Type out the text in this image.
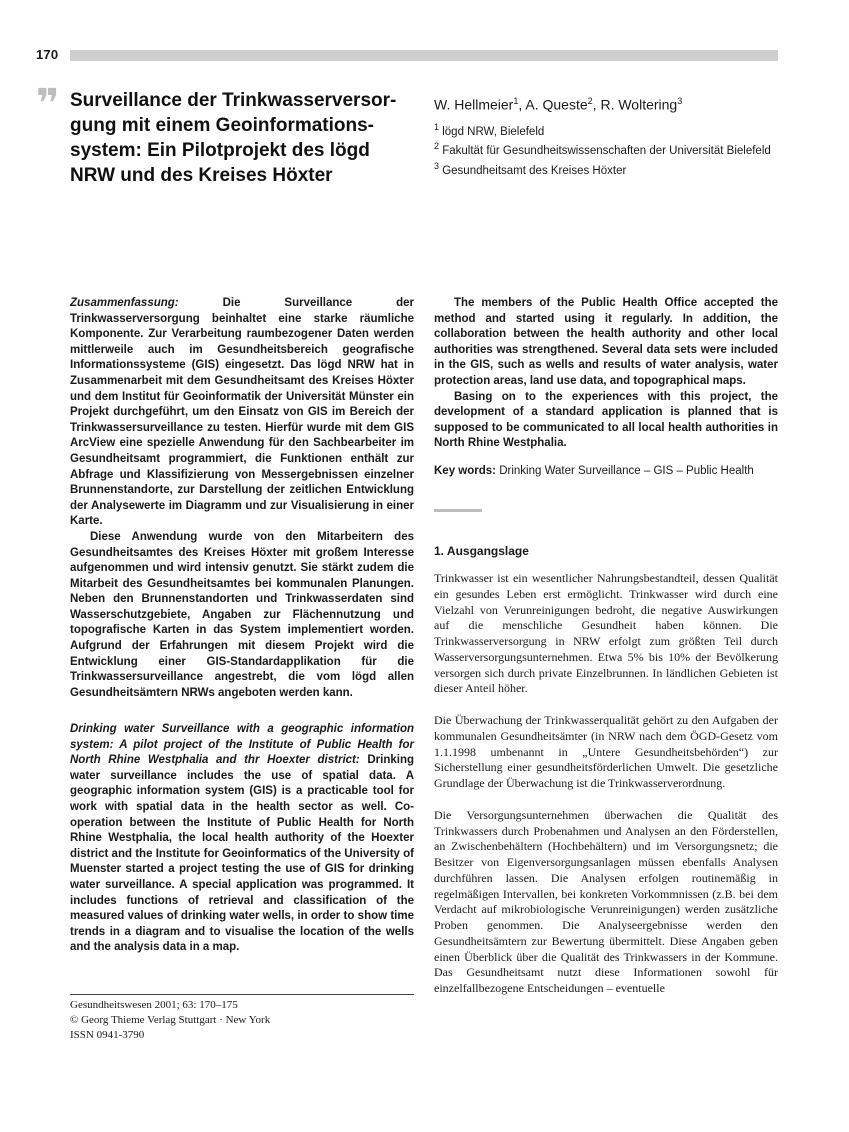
170
❞ Surveillance der Trinkwasserversor-
gung mit einem Geoinformations-
system: Ein Pilotprojekt des lögd
NRW und des Kreises Höxter
W. Hellmeier$^1$, A. Queste$^2$, R. Woltering$^3$
$^1$ lögd NRW, Bielefeld
$^2$ Fakultät für Gesundheitswissenschaften der Universität Bielefeld
$^3$ Gesundheitsamt des Kreises Höxter

Zusammenfassung: Die Surveillance der Trinkwasserversorgung beinhaltet eine starke räumliche Komponente. Zur Verarbeitung raumbezogener Daten werden mittlerweile auch im Gesundheitsbereich geografische Informationssysteme (GIS) eingesetzt. Das lögd NRW hat in Zusammenarbeit mit dem Gesundheitsamt des Kreises Höxter und dem Institut für Geoinformatik der Universität Münster ein Projekt durchgeführt, um den Einsatz von GIS im Bereich der Trinkwassersurveillance zu testen. Hierfür wurde mit dem GIS ArcView eine spezielle Anwendung für den Sachbearbeiter im Gesundheitsamt programmiert, die Funktionen enthält zur Abfrage und Klassifizierung von Messergebnissen einzelner Brunnenstandorte, zur Darstellung der zeitlichen Entwicklung der Analysewerte im Diagramm und zur Visualisierung in einer Karte.

Diese Anwendung wurde von den Mitarbeitern des Gesundheitsamtes des Kreises Höxter mit großem Interesse aufgenommen und wird intensiv genutzt. Sie stärkt zudem die Mitarbeit des Gesundheitsamtes bei kommunalen Planungen. Neben den Brunnenstandorten und Trinkwasserdaten sind Wasserschutzgebiete, Angaben zur Flächennutzung und topografische Karten in das System implementiert worden. Aufgrund der Erfahrungen mit diesem Projekt wird die Entwicklung einer GIS-Standardapplikation für die Trinkwassersurveillance angestrebt, die vom lögd allen Gesundheitsämtern NRWs angeboten werden kann.

Drinking water Surveillance with a geographic information system: A pilot project of the Institute of Public Health for North Rhine Westphalia and thr Hoexter district: Drinking water surveillance includes the use of spatial data. A geographic information system (GIS) is a practicable tool for work with spatial data in the health sector as well. Co-operation between the Institute of Public Health for North Rhine Westphalia, the local health authority of the Hoexter district and the Institute for Geoinformatics of the University of Muenster started a project testing the use of GIS for drinking water surveillance. A special application was programmed. It includes functions of retrieval and classification of the measured values of drinking water wells, in order to show time trends in a diagram and to visualise the location of the wells and the analysis data in a map.

The members of the Public Health Office accepted the method and started using it regularly. In addition, the collaboration between the health authority and other local authorities was strengthened. Several data sets were included in the GIS, such as wells and results of water analysis, water protection areas, land use data, and topographical maps.

Basing on to the experiences with this project, the development of a standard application is planned that is supposed to be communicated to all local health authorities in North Rhine Westphalia.

Key words: Drinking Water Surveillance – GIS – Public Health
1. Ausgangslage

Trinkwasser ist ein wesentlicher Nahrungsbestandteil, dessen Qualität ein gesundes Leben erst ermöglicht. Trinkwasser wird durch eine Vielzahl von Verunreinigungen bedroht, die negative Auswirkungen auf die menschliche Gesundheit haben können. Die Trinkwasserversorgung in NRW erfolgt zum größten Teil durch Wasserversorgungsunternehmen. Etwa 5% bis 10% der Bevölkerung versorgen sich durch private Einzelbrunnen. In ländlichen Gebieten ist dieser Anteil höher.

Die Überwachung der Trinkwasserqualität gehört zu den Aufgaben der kommunalen Gesundheitsämter (in NRW nach dem ÖGD-Gesetz vom 1.1.1998 umbenannt in „Untere Gesundheitsbehörden“) zur Sicherstellung einer gesundheitsförderlichen Umwelt. Die gesetzliche Grundlage der Überwachung ist die Trinkwasserverordnung.

Die Versorgungsunternehmen überwachen die Qualität des Trinkwassers durch Probenahmen und Analysen an den Förderstellen, an Zwischenbehältern (Hochbehältern) und im Versorgungsnetz; die Besitzer von Eigenversorgungsanlagen müssen ebenfalls Analysen durchführen lassen. Die Analysen erfolgen routinemäßig in regelmäßigen Intervallen, bei konkreten Vorkommnissen (z.B. bei dem Verdacht auf mikrobiologische Verunreinigungen) werden zusätzliche Proben genommen. Die Analyseergebnisse werden den Gesundheitsämtern zur Bewertung übermittelt. Diese Angaben geben einen Überblick über die Qualität des Trinkwassers in der Kommune. Das Gesundheitsamt nutzt diese Informationen sowohl für einzelfallbezogene Entscheidungen – eventuelle

Gesundheitswesen 2001; 63: 170–175
© Georg Thieme Verlag Stuttgart · New York
ISSN 0941-3790
